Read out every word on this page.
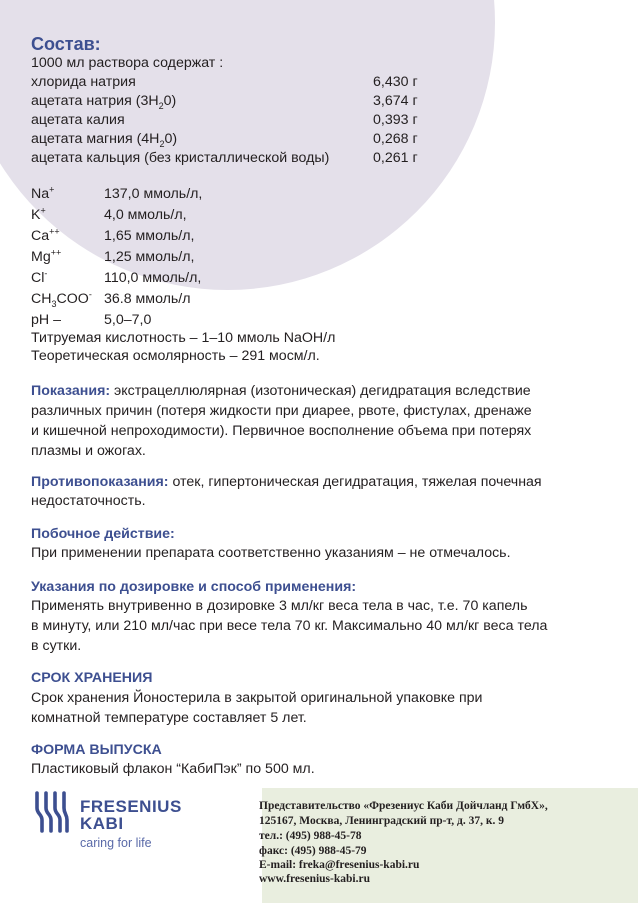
Состав:
1000 мл раствора содержат :
хлорида натрия	6,430 г
ацетата натрия $(3H_20)$	3,674 г
ацетата калия	0,393 г
ацетата магния $(4H_20)$	0,268 г
ацетата кальция (без кристаллической воды)	0,261 г
Na+	137,0 ммоль/л,
K+	4,0 ммоль/л,
Ca++	1,65 ммоль/л,
Mg++	1,25 ммоль/л,
Cl-	110,0 ммоль/л,
$CH_3COO^-$ 36.8 ммоль/л
pH –	5,0–7,0
Титруемая кислотность – 1–10 ммоль NaOH/л
Теоретическая осмолярность – 291 мосм/л.
Показания: экстрацеллюлярная (изотоническая) дегидратация вследствие
различных причин (потеря жидкости при диарее, рвоте, фистулах, дренаже
и кишечной непроходимости). Первичное восполнение объема при потерях
плазмы и ожогах.
Противопоказания: отек, гипертоническая дегидратация, тяжелая почечная
недостаточность.
Побочное действие:
При применении препарата соответственно указаниям – не отмечалось.
Указания по дозировке и способ применения:
Применять внутривенно в дозировке 3 мл/кг веса тела в час, т.е. 70 капель
в минуту, или 210 мл/час при весе тела 70 кг. Максимально 40 мл/кг веса тела
в сутки.
СРОК ХРАНЕНИЯ
Срок хранения Йоностерила в закрытой оригинальной упаковке при
комнатной температуре составляет 5 лет.
ФОРМА ВЫПУСКА
Пластиковый флакон “КабиПэк” по 500 мл.
FRESENIUS
KABI
caring for life
Представительство «Фрезениус Каби Дойчланд ГмбХ»,
125167, Москва, Ленинградский пр-т, д. 37, к. 9
тел.: (495) 988-45-78
факс: (495) 988-45-79
E-mail: freka@fresenius-kabi.ru
www.fresenius-kabi.ru
